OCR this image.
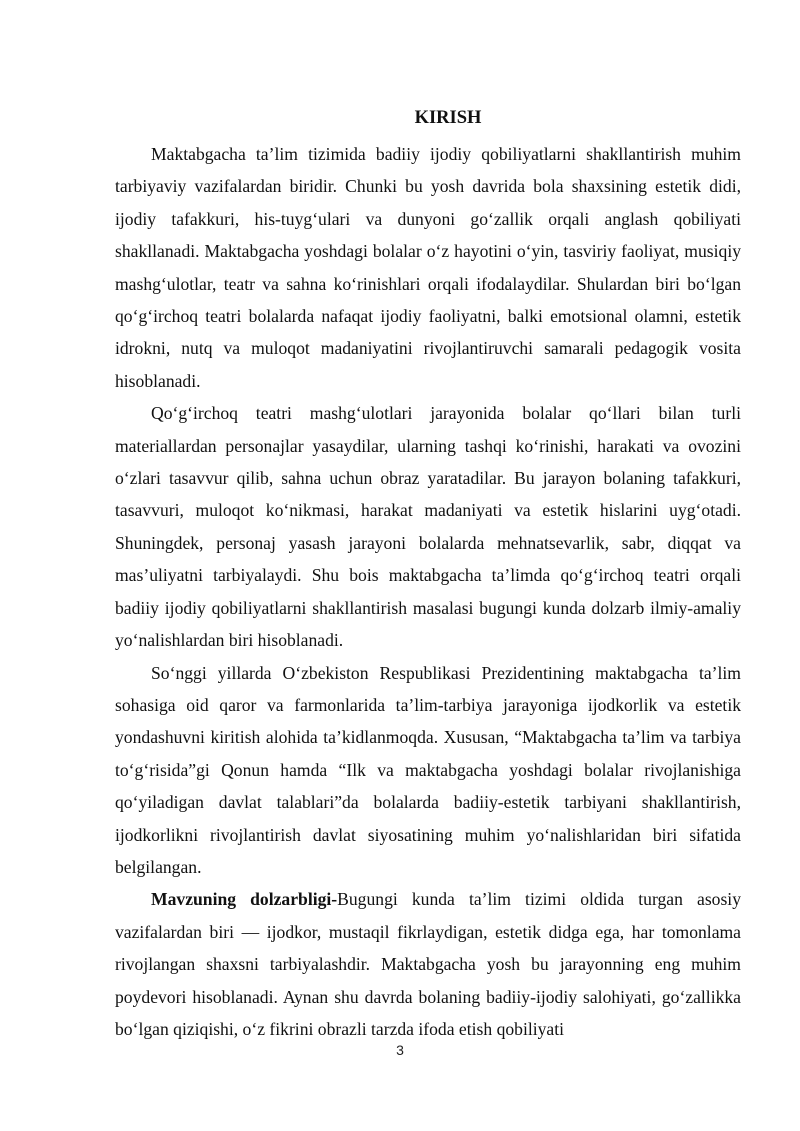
KIRISH

Maktabgacha ta’lim tizimida badiiy ijodiy qobiliyatlarni shakllantirish muhim tarbiyaviy vazifalardan biridir. Chunki bu yosh davrida bola shaxsining estetik didi, ijodiy tafakkuri, his-tuyg‘ulari va dunyoni go‘zallik orqali anglash qobiliyati shakllanadi. Maktabgacha yoshdagi bolalar o‘z hayotini o‘yin, tasviriy faoliyat, musiqiy mashg‘ulotlar, teatr va sahna ko‘rinishlari orqali ifodalaydilar. Shulardan biri bo‘lgan qo‘g‘irchoq teatri bolalarda nafaqat ijodiy faoliyatni, balki emotsional olamni, estetik idrokni, nutq va muloqot madaniyatini rivojlantiruvchi samarali pedagogik vosita hisoblanadi.

Qo‘g‘irchoq teatri mashg‘ulotlari jarayonida bolalar qo‘llari bilan turli materiallardan personajlar yasaydilar, ularning tashqi ko‘rinishi, harakati va ovozini o‘zlari tasavvur qilib, sahna uchun obraz yaratadilar. Bu jarayon bolaning tafakkuri, tasavvuri, muloqot ko‘nikmasi, harakat madaniyati va estetik hislarini uyg‘otadi. Shuningdek, personaj yasash jarayoni bolalarda mehnatsevarlik, sabr, diqqat va mas’uliyatni tarbiyalaydi. Shu bois maktabgacha ta’limda qo‘g‘irchoq teatri orqali badiiy ijodiy qobiliyatlarni shakllantirish masalasi bugungi kunda dolzarb ilmiy-amaliy yo‘nalishlardan biri hisoblanadi.

So‘nggi yillarda O‘zbekiston Respublikasi Prezidentining maktabgacha ta’lim sohasiga oid qaror va farmonlarida ta’lim-tarbiya jarayoniga ijodkorlik va estetik yondashuvni kiritish alohida ta’kidlanmoqda. Xususan, “Maktabgacha ta’lim va tarbiya to‘g‘risida”gi Qonun hamda “Ilk va maktabgacha yoshdagi bolalar rivojlanishiga qo‘yiladigan davlat talablari”da bolalarda badiiy-estetik tarbiyani shakllantirish, ijodkorlikni rivojlantirish davlat siyosatining muhim yo‘nalishlaridan biri sifatida belgilangan.

Mavzuning dolzarbligi-Bugungi kunda ta’lim tizimi oldida turgan asosiy vazifalardan biri — ijodkor, mustaqil fikrlaydigan, estetik didga ega, har tomonlama rivojlangan shaxsni tarbiyalashdir. Maktabgacha yosh bu jarayonning eng muhim poydevori hisoblanadi. Aynan shu davrda bolaning badiiy-ijodiy salohiyati, go‘zallikka bo‘lgan qiziqishi, o‘z fikrini obrazli tarzda ifoda etish qobiliyati

3
